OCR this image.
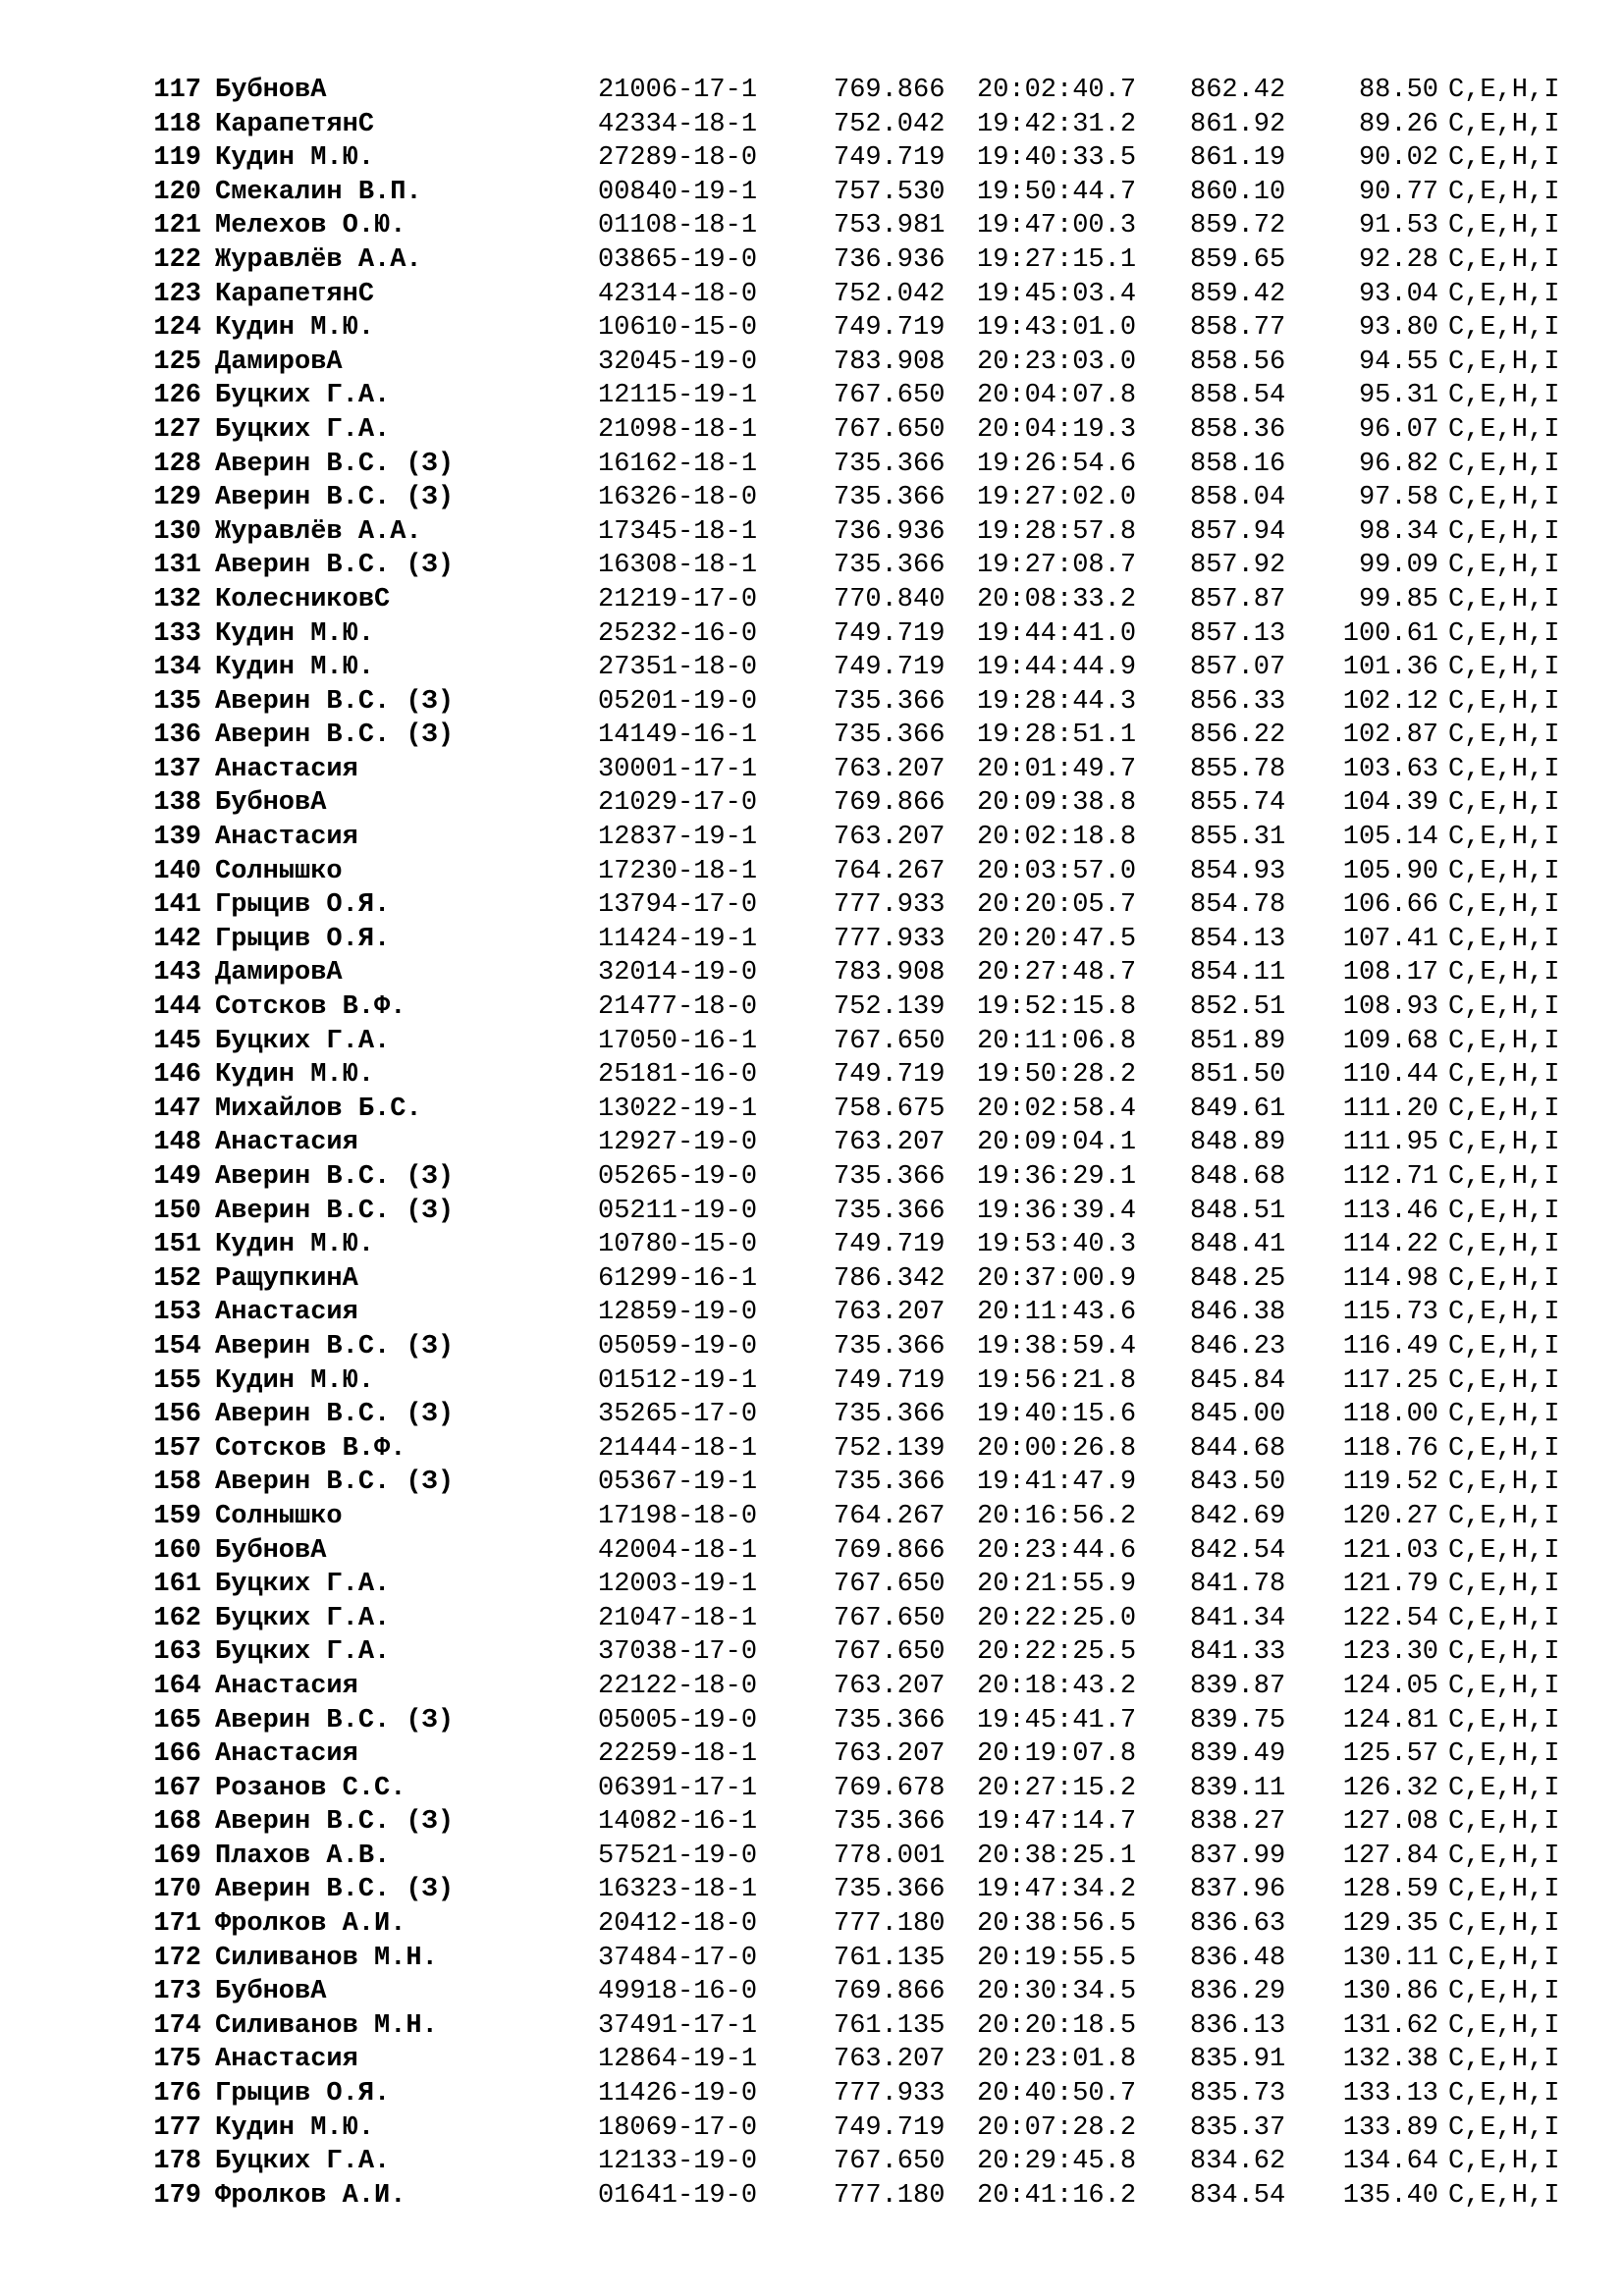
117 БубновА	21006-17-1	769.866 20:02:40.7 862.42	88.50 C,E,H,I
118 КарапетянС	42334-18-1	752.042 19:42:31.2 861.92	89.26 C,E,H,I
119 Кудин М.Ю.	27289-18-0	749.719 19:40:33.5 861.19	90.02 C,E,H,I
120 Смекалин В.П.	00840-19-1	757.530 19:50:44.7 860.10	90.77 C,E,H,I
121 Мелехов О.Ю.	01108-18-1	753.981 19:47:00.3 859.72	91.53 C,E,H,I
122 Журавлёв А.А.	03865-19-0	736.936 19:27:15.1 859.65	92.28 C,E,H,I
123 КарапетянС	42314-18-0	752.042 19:45:03.4 859.42	93.04 C,E,H,I
124 Кудин М.Ю.	10610-15-0	749.719 19:43:01.0 858.77	93.80 C,E,H,I
125 ДамировА	32045-19-0	783.908 20:23:03.0 858.56	94.55 C,E,H,I
126 Буцких Г.А.	12115-19-1	767.650 20:04:07.8 858.54	95.31 C,E,H,I
127 Буцких Г.А.	21098-18-1	767.650 20:04:19.3 858.36	96.07 C,E,H,I
128 Аверин В.С. (З)	16162-18-1	735.366 19:26:54.6 858.16	96.82 C,E,H,I
129 Аверин В.С. (З)	16326-18-0	735.366 19:27:02.0 858.04	97.58 C,E,H,I
130 Журавлёв А.А.	17345-18-1	736.936 19:28:57.8 857.94	98.34 C,E,H,I
131 Аверин В.С. (З)	16308-18-1	735.366 19:27:08.7 857.92	99.09 C,E,H,I
132 КолесниковС	21219-17-0	770.840 20:08:33.2 857.87	99.85 C,E,H,I
133 Кудин М.Ю.	25232-16-0	749.719 19:44:41.0 857.13	100.61 C,E,H,I
134 Кудин М.Ю.	27351-18-0	749.719 19:44:44.9 857.07	101.36 C,E,H,I
135 Аверин В.С. (З)	05201-19-0	735.366 19:28:44.3 856.33	102.12 C,E,H,I
136 Аверин В.С. (З)	14149-16-1	735.366 19:28:51.1 856.22	102.87 C,E,H,I
137 Анастасия	30001-17-1	763.207 20:01:49.7 855.78	103.63 C,E,H,I
138 БубновА	21029-17-0	769.866 20:09:38.8 855.74	104.39 C,E,H,I
139 Анастасия	12837-19-1	763.207 20:02:18.8 855.31	105.14 C,E,H,I
140 Солнышко	17230-18-1	764.267 20:03:57.0 854.93	105.90 C,E,H,I
141 Грыцив О.Я.	13794-17-0	777.933 20:20:05.7 854.78	106.66 C,E,H,I
142 Грыцив О.Я.	11424-19-1	777.933 20:20:47.5 854.13	107.41 C,E,H,I
143 ДамировА	32014-19-0	783.908 20:27:48.7 854.11	108.17 C,E,H,I
144 Сотсков В.Ф.	21477-18-0	752.139 19:52:15.8 852.51	108.93 C,E,H,I
145 Буцких Г.А.	17050-16-1	767.650 20:11:06.8 851.89	109.68 C,E,H,I
146 Кудин М.Ю.	25181-16-0	749.719 19:50:28.2 851.50	110.44 C,E,H,I
147 Михайлов Б.С.	13022-19-1	758.675 20:02:58.4 849.61	111.20 C,E,H,I
148 Анастасия	12927-19-0	763.207 20:09:04.1 848.89	111.95 C,E,H,I
149 Аверин В.С. (З)	05265-19-0	735.366 19:36:29.1 848.68	112.71 C,E,H,I
150 Аверин В.С. (З)	05211-19-0	735.366 19:36:39.4 848.51	113.46 C,E,H,I
151 Кудин М.Ю.	10780-15-0	749.719 19:53:40.3 848.41	114.22 C,E,H,I
152 РащупкинА	61299-16-1	786.342 20:37:00.9 848.25	114.98 C,E,H,I
153 Анастасия	12859-19-0	763.207 20:11:43.6 846.38	115.73 C,E,H,I
154 Аверин В.С. (З)	05059-19-0	735.366 19:38:59.4 846.23	116.49 C,E,H,I
155 Кудин М.Ю.	01512-19-1	749.719 19:56:21.8 845.84	117.25 C,E,H,I
156 Аверин В.С. (З)	35265-17-0	735.366 19:40:15.6 845.00	118.00 C,E,H,I
157 Сотсков В.Ф.	21444-18-1	752.139 20:00:26.8 844.68	118.76 C,E,H,I
158 Аверин В.С. (З)	05367-19-1	735.366 19:41:47.9 843.50	119.52 C,E,H,I
159 Солнышко	17198-18-0	764.267 20:16:56.2 842.69	120.27 C,E,H,I
160 БубновА	42004-18-1	769.866 20:23:44.6 842.54	121.03 C,E,H,I
161 Буцких Г.А.	12003-19-1	767.650 20:21:55.9 841.78	121.79 C,E,H,I
162 Буцких Г.А.	21047-18-1	767.650 20:22:25.0 841.34	122.54 C,E,H,I
163 Буцких Г.А.	37038-17-0	767.650 20:22:25.5 841.33	123.30 C,E,H,I
164 Анастасия	22122-18-0	763.207 20:18:43.2 839.87	124.05 C,E,H,I
165 Аверин В.С. (З)	05005-19-0	735.366 19:45:41.7 839.75	124.81 C,E,H,I
166 Анастасия	22259-18-1	763.207 20:19:07.8 839.49	125.57 C,E,H,I
167 Розанов С.С.	06391-17-1	769.678 20:27:15.2 839.11	126.32 C,E,H,I
168 Аверин В.С. (З)	14082-16-1	735.366 19:47:14.7 838.27	127.08 C,E,H,I
169 Плахов А.В.	57521-19-0	778.001 20:38:25.1 837.99	127.84 C,E,H,I
170 Аверин В.С. (З)	16323-18-1	735.366 19:47:34.2 837.96	128.59 C,E,H,I
171 Фролков А.И.	20412-18-0	777.180 20:38:56.5 836.63	129.35 C,E,H,I
172 Силиванов М.Н.	37484-17-0	761.135 20:19:55.5 836.48	130.11 C,E,H,I
173 БубновА	49918-16-0	769.866 20:30:34.5 836.29	130.86 C,E,H,I
174 Силиванов М.Н.	37491-17-1	761.135 20:20:18.5 836.13	131.62 C,E,H,I
175 Анастасия	12864-19-1	763.207 20:23:01.8 835.91	132.38 C,E,H,I
176 Грыцив О.Я.	11426-19-0	777.933 20:40:50.7 835.73	133.13 C,E,H,I
177 Кудин М.Ю.	18069-17-0	749.719 20:07:28.2 835.37	133.89 C,E,H,I
178 Буцких Г.А.	12133-19-0	767.650 20:29:45.8 834.62	134.64 C,E,H,I
179 Фролков А.И.	01641-19-0	777.180 20:41:16.2 834.54	135.40 C,E,H,I
